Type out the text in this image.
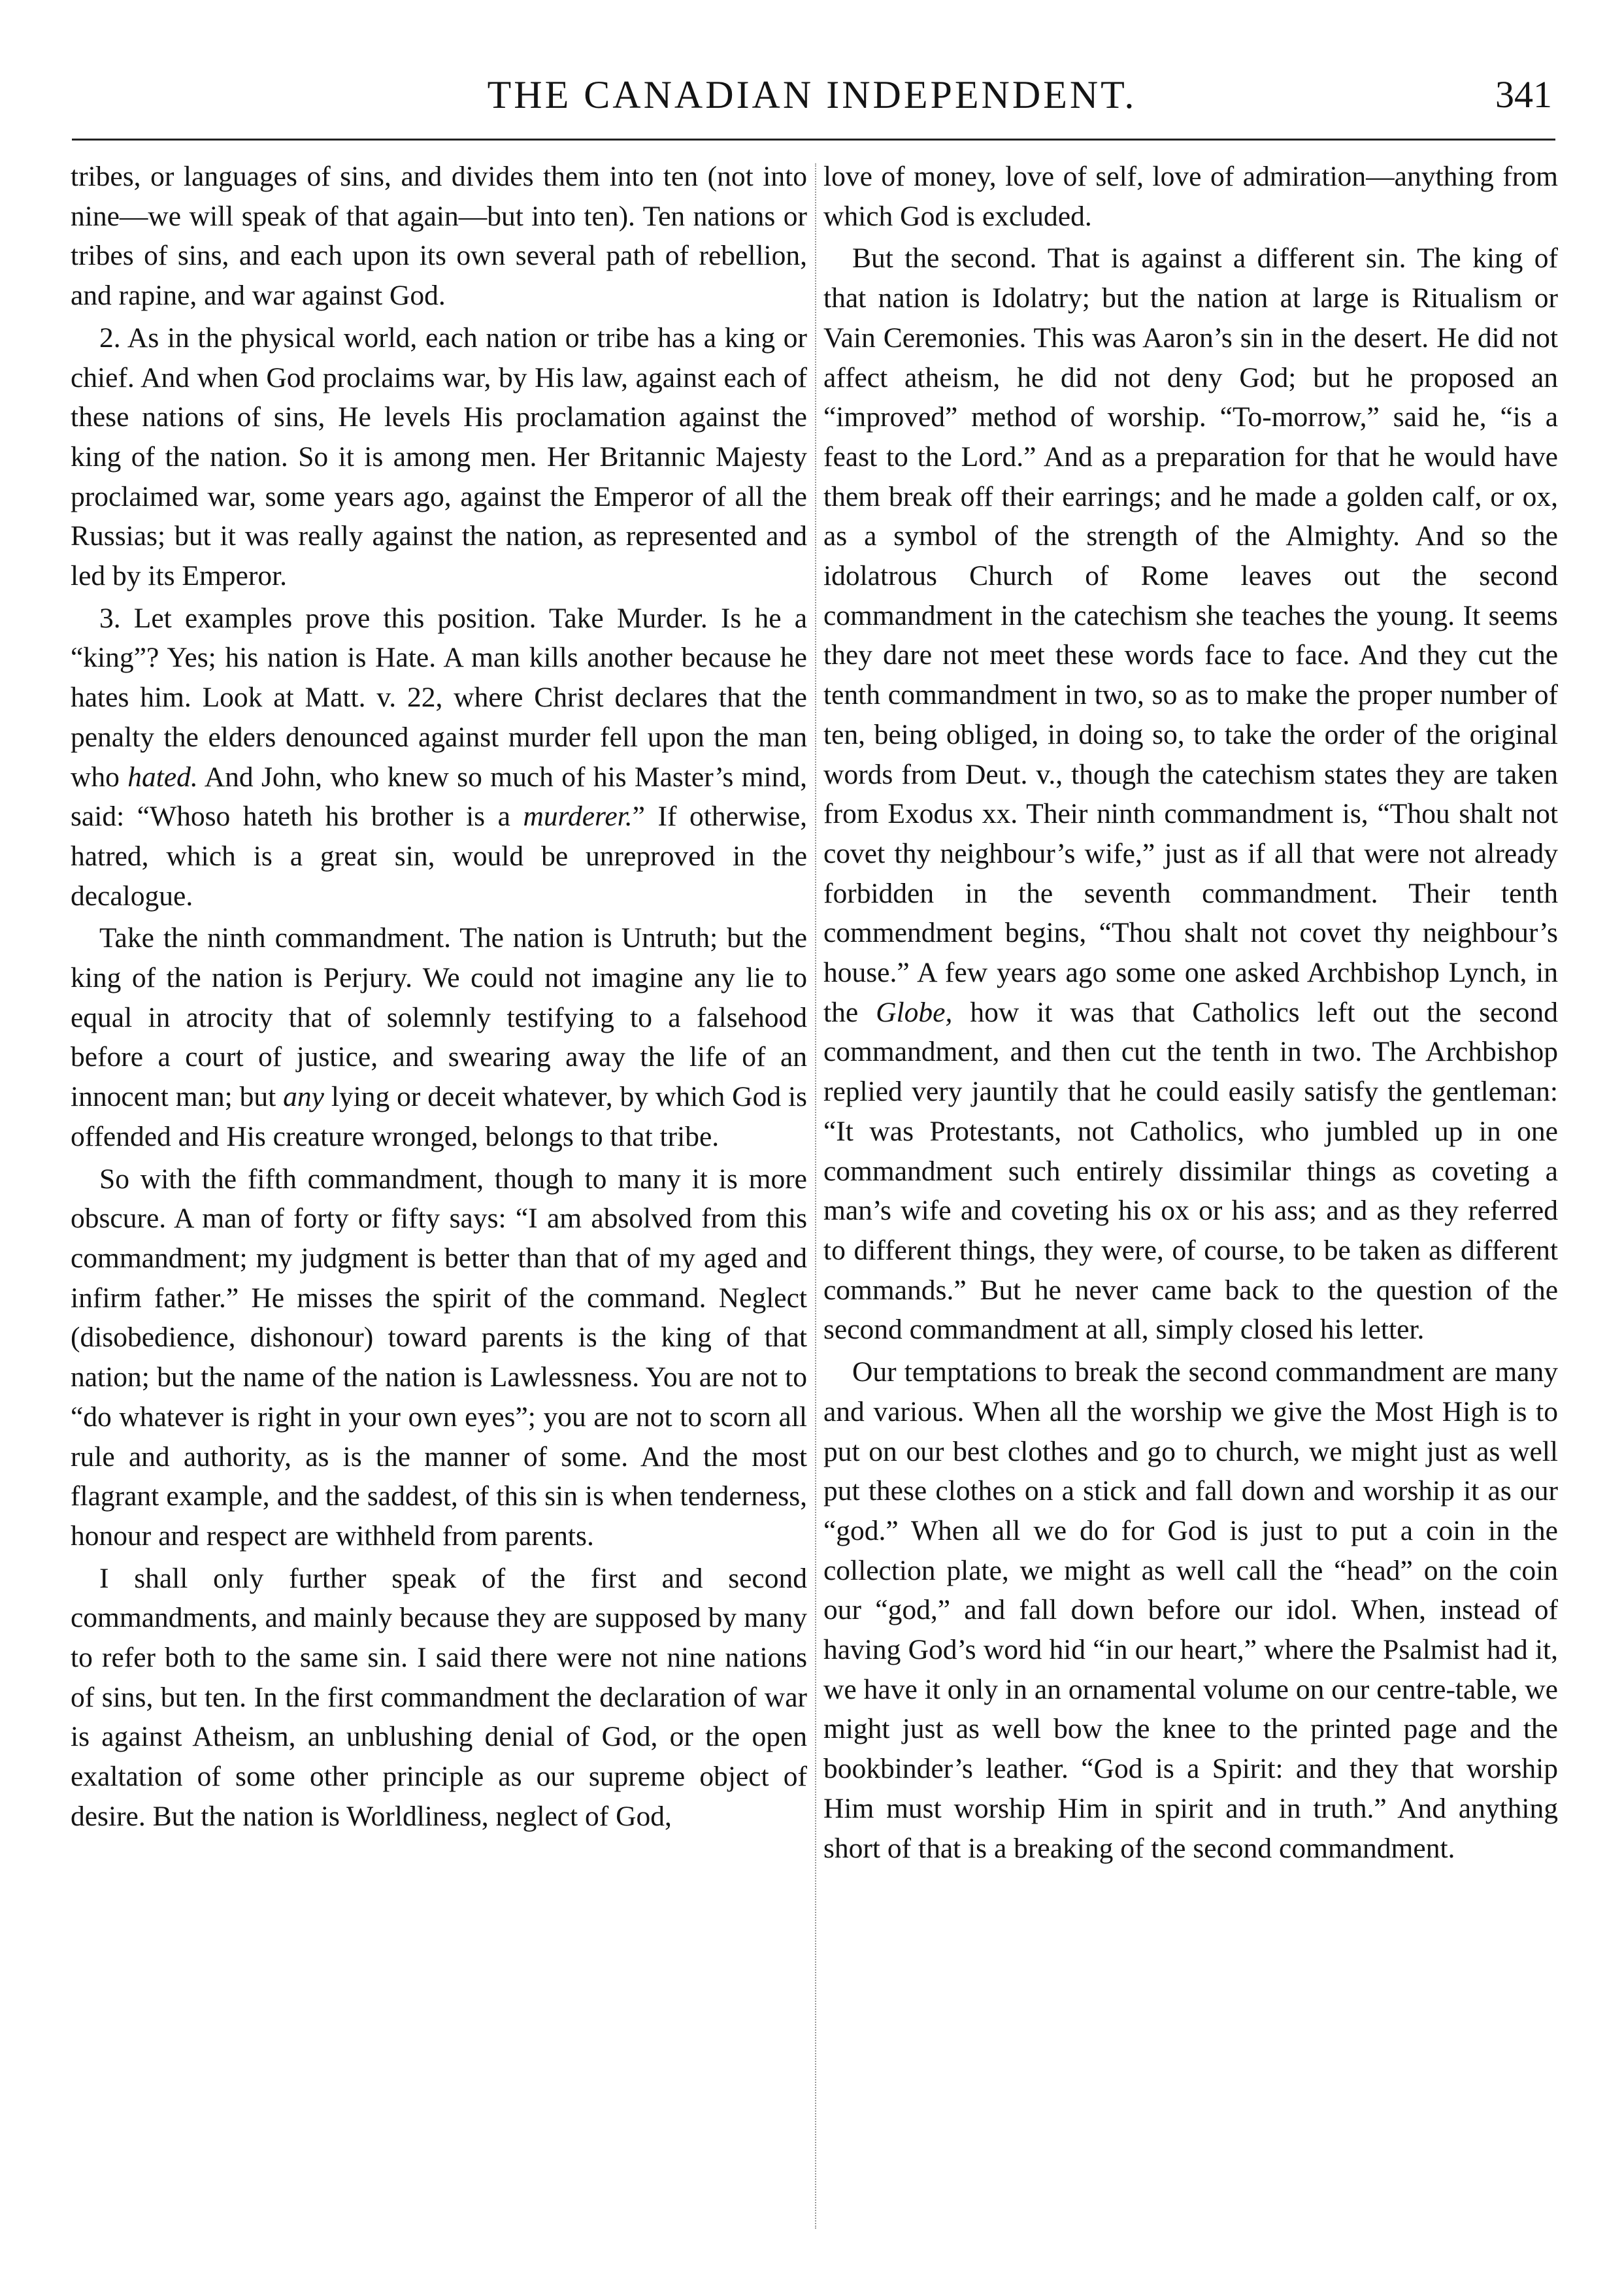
THE CANADIAN INDEPENDENT.	341

tribes, or languages of sins, and divides them into ten (not into nine—we will speak of that again—but into ten). Ten nations or tribes of sins, and each upon its own several path of rebellion, and rapine, and war against God.

2. As in the physical world, each nation or tribe has a king or chief. And when God proclaims war, by His law, against each of these nations of sins, He levels His proclamation against the king of the nation. So it is among men. Her Britannic Majesty proclaimed war, some years ago, against the Emperor of all the Russias; but it was really against the nation, as represented and led by its Emperor.

3. Let examples prove this position. Take Murder. Is he a “king”? Yes; his nation is Hate. A man kills another because he hates him. Look at Matt. v. 22, where Christ declares that the penalty the elders denounced against murder fell upon the man who hated. And John, who knew so much of his Master’s mind, said: “Whoso hateth his brother is a murderer.” If otherwise, hatred, which is a great sin, would be unreproved in the decalogue.

Take the ninth commandment. The nation is Untruth; but the king of the nation is Perjury. We could not imagine any lie to equal in atrocity that of solemnly testifying to a falsehood before a court of justice, and swearing away the life of an innocent man; but any lying or deceit whatever, by which God is offended and His creature wronged, belongs to that tribe.

So with the fifth commandment, though to many it is more obscure. A man of forty or fifty says: “I am absolved from this commandment; my judgment is better than that of my aged and infirm father.” He misses the spirit of the command. Neglect (disobedience, dishonour) toward parents is the king of that nation; but the name of the nation is Lawlessness. You are not to “do whatever is right in your own eyes”; you are not to scorn all rule and authority, as is the manner of some. And the most flagrant example, and the saddest, of this sin is when tenderness, honour and respect are withheld from parents.

I shall only further speak of the first and second commandments, and mainly because they are supposed by many to refer both to the same sin. I said there were not nine nations of sins, but ten. In the first commandment the declaration of war is against Atheism, an unblushing denial of God, or the open exaltation of some other principle as our supreme object of desire. But the nation is Worldliness, neglect of God,

love of money, love of self, love of admiration—anything from which God is excluded.

But the second. That is against a different sin. The king of that nation is Idolatry; but the nation at large is Ritualism or Vain Ceremonies. This was Aaron’s sin in the desert. He did not affect atheism, he did not deny God; but he proposed an “improved” method of worship. “To-morrow,” said he, “is a feast to the Lord.” And as a preparation for that he would have them break off their earrings; and he made a golden calf, or ox, as a symbol of the strength of the Almighty. And so the idolatrous Church of Rome leaves out the second commandment in the catechism she teaches the young. It seems they dare not meet these words face to face. And they cut the tenth commandment in two, so as to make the proper number of ten, being obliged, in doing so, to take the order of the original words from Deut. v., though the catechism states they are taken from Exodus xx. Their ninth commandment is, “Thou shalt not covet thy neighbour’s wife,” just as if all that were not already forbidden in the seventh commandment. Their tenth commendment begins, “Thou shalt not covet thy neighbour’s house.” A few years ago some one asked Archbishop Lynch, in the Globe, how it was that Catholics left out the second commandment, and then cut the tenth in two. The Archbishop replied very jauntily that he could easily satisfy the gentleman: “It was Protestants, not Catholics, who jumbled up in one commandment such entirely dissimilar things as coveting a man’s wife and coveting his ox or his ass; and as they referred to different things, they were, of course, to be taken as different commands.” But he never came back to the question of the second commandment at all, simply closed his letter.

Our temptations to break the second commandment are many and various. When all the worship we give the Most High is to put on our best clothes and go to church, we might just as well put these clothes on a stick and fall down and worship it as our “god.” When all we do for God is just to put a coin in the collection plate, we might as well call the “head” on the coin our “god,” and fall down before our idol. When, instead of having God’s word hid “in our heart,” where the Psalmist had it, we have it only in an ornamental volume on our centre-table, we might just as well bow the knee to the printed page and the bookbinder’s leather. “God is a Spirit: and they that worship Him must worship Him in spirit and in truth.” And anything short of that is a breaking of the second commandment.
